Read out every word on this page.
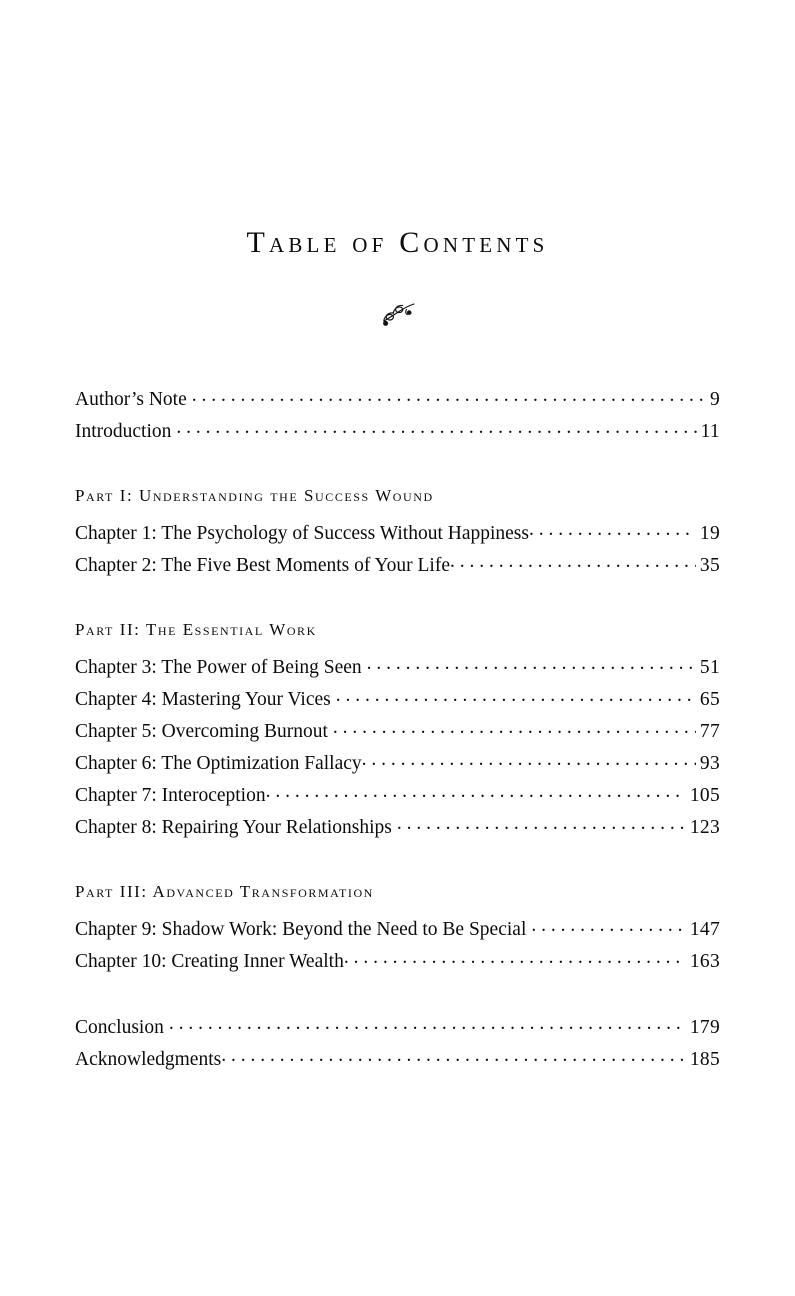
Table of Contents
Author’s Note . . .	9
Introduction . . .	11
Part I: Understanding the Success Wound
Chapter 1: The Psychology of Success Without Happiness . . .	19
Chapter 2: The Five Best Moments of Your Life . . .	35
Part II: The Essential Work
Chapter 3: The Power of Being Seen . . .	51
Chapter 4: Mastering Your Vices . . .	65
Chapter 5: Overcoming Burnout . . .	77
Chapter 6: The Optimization Fallacy . . .	93
Chapter 7: Interoception . . .	105
Chapter 8: Repairing Your Relationships . . .	123
Part III: Advanced Transformation
Chapter 9: Shadow Work: Beyond the Need to Be Special . . .	147
Chapter 10: Creating Inner Wealth . . .	163
Conclusion . . .	179
Acknowledgments . . .	185
